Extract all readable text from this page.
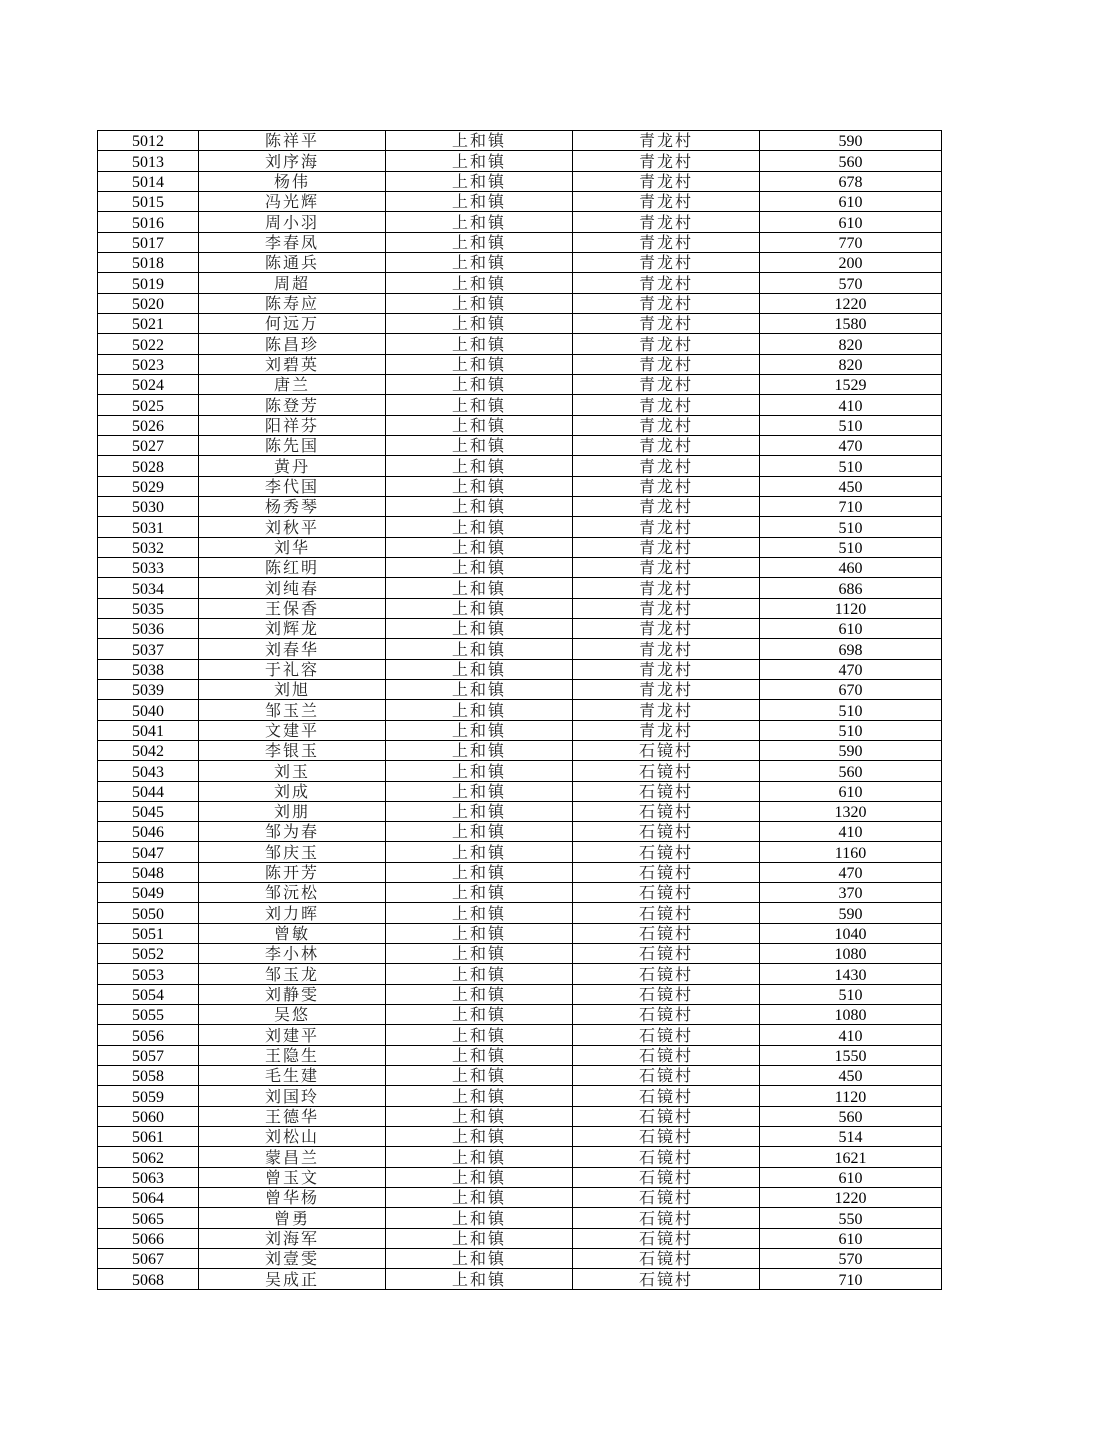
5012	陈祥平	上和镇	青龙村	590
5013	刘序海	上和镇	青龙村	560
5014	杨伟	上和镇	青龙村	678
5015	冯光辉	上和镇	青龙村	610
5016	周小羽	上和镇	青龙村	610
5017	李春凤	上和镇	青龙村	770
5018	陈通兵	上和镇	青龙村	200
5019	周超	上和镇	青龙村	570
5020	陈寿应	上和镇	青龙村	1220
5021	何远万	上和镇	青龙村	1580
5022	陈昌珍	上和镇	青龙村	820
5023	刘碧英	上和镇	青龙村	820
5024	唐兰	上和镇	青龙村	1529
5025	陈登芳	上和镇	青龙村	410
5026	阳祥芬	上和镇	青龙村	510
5027	陈先国	上和镇	青龙村	470
5028	黄丹	上和镇	青龙村	510
5029	李代国	上和镇	青龙村	450
5030	杨秀琴	上和镇	青龙村	710
5031	刘秋平	上和镇	青龙村	510
5032	刘华	上和镇	青龙村	510
5033	陈红明	上和镇	青龙村	460
5034	刘纯春	上和镇	青龙村	686
5035	王保香	上和镇	青龙村	1120
5036	刘辉龙	上和镇	青龙村	610
5037	刘春华	上和镇	青龙村	698
5038	于礼容	上和镇	青龙村	470
5039	刘旭	上和镇	青龙村	670
5040	邹玉兰	上和镇	青龙村	510
5041	文建平	上和镇	青龙村	510
5042	李银玉	上和镇	石镜村	590
5043	刘玉	上和镇	石镜村	560
5044	刘成	上和镇	石镜村	610
5045	刘朋	上和镇	石镜村	1320
5046	邹为春	上和镇	石镜村	410
5047	邹庆玉	上和镇	石镜村	1160
5048	陈开芳	上和镇	石镜村	470
5049	邹沅松	上和镇	石镜村	370
5050	刘力晖	上和镇	石镜村	590
5051	曾敏	上和镇	石镜村	1040
5052	李小林	上和镇	石镜村	1080
5053	邹玉龙	上和镇	石镜村	1430
5054	刘静雯	上和镇	石镜村	510
5055	吴悠	上和镇	石镜村	1080
5056	刘建平	上和镇	石镜村	410
5057	王隐生	上和镇	石镜村	1550
5058	毛生建	上和镇	石镜村	450
5059	刘国玲	上和镇	石镜村	1120
5060	王德华	上和镇	石镜村	560
5061	刘松山	上和镇	石镜村	514
5062	蒙昌兰	上和镇	石镜村	1621
5063	曾玉文	上和镇	石镜村	610
5064	曾华杨	上和镇	石镜村	1220
5065	曾勇	上和镇	石镜村	550
5066	刘海军	上和镇	石镜村	610
5067	刘壹雯	上和镇	石镜村	570
5068	吴成正	上和镇	石镜村	710
